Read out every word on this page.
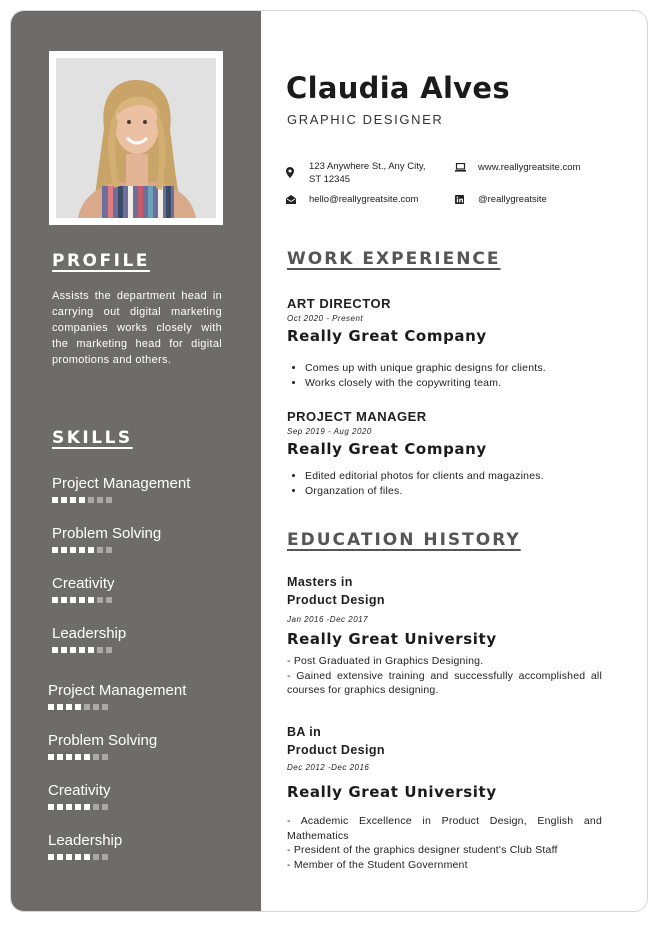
PROFILE

Assists the department head in carrying out digital marketing companies works closely with the marketing head for digital promotions and others.

SKILLS
Project Management
Problem Solving
Creativity
Leadership
Project Management
Problem Solving
Creativity
Leadership
Claudia Alves
GRAPHIC DESIGNER
123 Anywhere St., Any City, ST 12345
www.reallygreatsite.com
hello@reallygreatsite.com	@reallygreatsite
WORK EXPERIENCE
ART DIRECTOR
Oct 2020 - Present
Really Great Company
• Comes up with unique graphic designs for clients.
• Works closely with the copywriting team.
PROJECT MANAGER
Sep 2019 - Aug 2020
Really Great Company
• Edited editorial photos for clients and magazines.
• Organzation of files.
EDUCATION HISTORY
Masters in
Product Design
Jan 2016 -Dec 2017
Really Great University
- Post Graduated in Graphics Designing.
- Gained extensive training and successfully accomplished all courses for graphics designing.
BA in
Product Design
Dec 2012 -Dec 2016
Really Great University
- Academic Excellence in Product Design, English and Mathematics
- President of the graphics designer student's Club Staff
- Member of the Student Government
